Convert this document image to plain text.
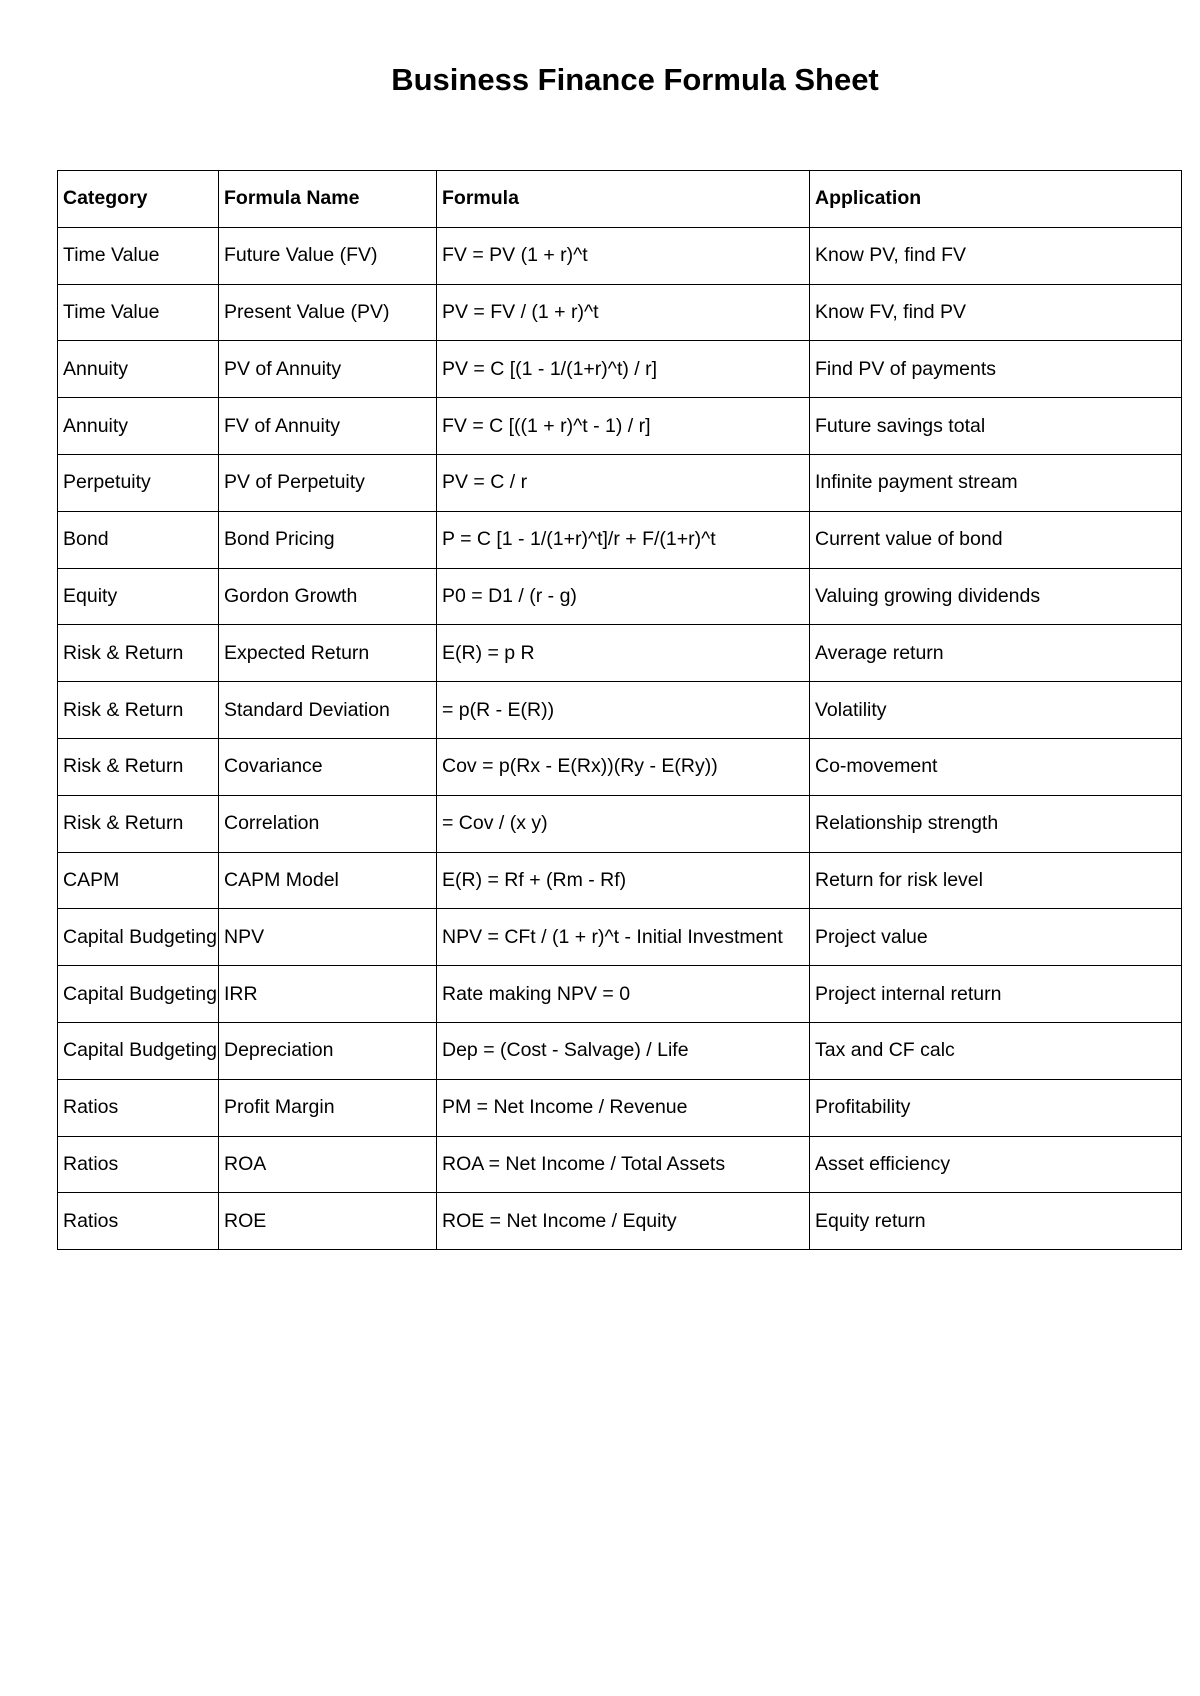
Business Finance Formula Sheet
Category	Formula Name	Formula	Application
Time Value	Future Value (FV)	FV = PV (1 + r)^t	Know PV, find FV
Time Value	Present Value (PV)	PV = FV / (1 + r)^t	Know FV, find PV
Annuity	PV of Annuity	PV = C [(1 - 1/(1+r)^t) / r]	Find PV of payments
Annuity	FV of Annuity	FV = C [((1 + r)^t - 1) / r]	Future savings total
Perpetuity	PV of Perpetuity	PV = C / r	Infinite payment stream
Bond	Bond Pricing	P = C [1 - 1/(1+r)^t]/r + F/(1+r)^t	Current value of bond
Equity	Gordon Growth	P0 = D1 / (r - g)	Valuing growing dividends
Risk & Return	Expected Return	E(R) = p R	Average return
Risk & Return	Standard Deviation	= p(R - E(R))	Volatility
Risk & Return	Covariance	Cov = p(Rx - E(Rx))(Ry - E(Ry))	Co-movement
Risk & Return	Correlation	= Cov / (x y)	Relationship strength
CAPM	CAPM Model	E(R) = Rf + (Rm - Rf)	Return for risk level
Capital Budgeting	NPV	NPV = CFt / (1 + r)^t - Initial Investment	Project value
Capital Budgeting	IRR	Rate making NPV = 0	Project internal return
Capital Budgeting	Depreciation	Dep = (Cost - Salvage) / Life	Tax and CF calc
Ratios	Profit Margin	PM = Net Income / Revenue	Profitability
Ratios	ROA	ROA = Net Income / Total Assets	Asset efficiency
Ratios	ROE	ROE = Net Income / Equity	Equity return
